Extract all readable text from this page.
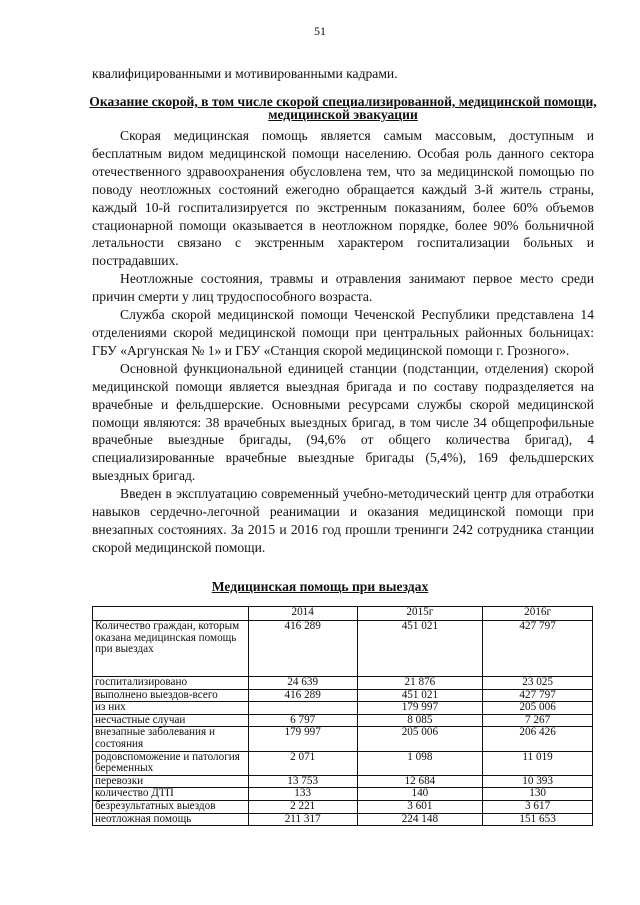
51
квалифицированными и мотивированными кадрами.
Оказание скорой, в том числе скорой специализированной, медицинской помощи, медицинской эвакуации

Скорая медицинская помощь является самым массовым, доступным и бесплатным видом медицинской помощи населению. Особая роль данного сектора отечественного здравоохранения обусловлена тем, что за медицинской помощью по поводу неотложных состояний ежегодно обращается каждый 3-й житель страны, каждый 10-й госпитализируется по экстренным показаниям, более 60% объемов стационарной помощи оказывается в неотложном порядке, более 90% больничной летальности связано с экстренным характером госпитализации больных и пострадавших.

Неотложные состояния, травмы и отравления занимают первое место среди причин смерти у лиц трудоспособного возраста.

Служба скорой медицинской помощи Чеченской Республики представлена 14 отделениями скорой медицинской помощи при центральных районных больницах: ГБУ «Аргунская № 1» и ГБУ «Станция скорой медицинской помощи г. Грозного».

Основной функциональной единицей станции (подстанции, отделения) скорой медицинской помощи является выездная бригада и по составу подразделяется на врачебные и фельдшерские. Основными ресурсами службы скорой медицинской помощи являются: 38 врачебных выездных бригад, в том числе 34 общепрофильные врачебные выездные бригады, (94,6% от общего количества бригад), 4 специализированные врачебные выездные бригады (5,4%), 169 фельдшерских выездных бригад.

Введен в эксплуатацию современный учебно-методический центр для отработки навыков сердечно-легочной реанимации и оказания медицинской помощи при внезапных состояниях. За 2015 и 2016 год прошли тренинги 242 сотрудника станции скорой медицинской помощи.

Медицинская помощь при выездах
	2014	2015г	2016г
Количество граждан, которым оказана медицинская помощь при выездах	416 289	451 021	427 797
госпитализировано	24 639	21 876	23 025
выполнено выездов-всего	416 289	451 021	427 797
из них		179 997	205 006
несчастные случаи	6 797	8 085	7 267
внезапные заболевания и состояния	179 997	205 006	206 426
родовспоможение и патология беременных	2 071	1 098	11 019
перевозки	13 753	12 684	10 393
количество ДТП	133	140	130
безрезультатных выездов	2 221	3 601	3 617
неотложная помощь	211 317	224 148	151 653
